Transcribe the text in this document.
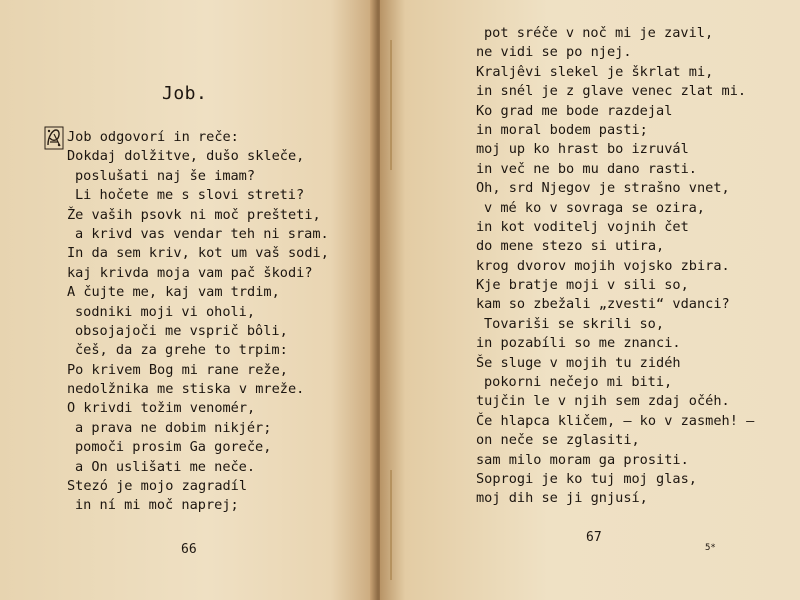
Job.
Job odgovorí in reče:
Dokdaj dolžitve, dušo skleče,
poslušati naj še imam?
Li hočete me s slovi streti?
Že vaših psovk ni moč prešteti,
a krivd vas vendar teh ni sram.
In da sem kriv, kot um vaš sodi,
kaj krivda moja vam pač škodi?
A čujte me, kaj vam trdim,
sodniki moji vi oholi,
obsojajoči me vsprič bôli,
češ, da za grehe to trpim:
Po krivem Bog mi rane reže,
nedolžnika me stiska v mreže.
O krivdi tožim venomér,
a prava ne dobim nikjér;
pomoči prosim Ga goreče,
a On uslišati me neče.
Stezó je mojo zagradíl
in ní mi moč naprej;
66
pot sréče v noč mi je zavil,
ne vidi se po njej.
Kraljêvi slekel je škrlat mi,
in snél je z glave venec zlat mi.
Ko grad me bode razdejal
in moral bodem pasti;
moj up ko hrast bo izruvál
in več ne bo mu dano rasti.
Oh, srd Njegov je strašno vnet,
v mé ko v sovraga se ozira,
in kot voditelj vojnih čet
do mene stezo si utira,
krog dvorov mojih vojsko zbira.
Kje bratje moji v sili so,
kam so zbežali „zvesti“ vdanci?
Tovariši se skrili so,
in pozabíli so me znanci.
Še sluge v mojih tu zidéh
pokorni nečejo mi biti,
tujčin le v njih sem zdaj očéh.
Če hlapca kličem, — ko v zasmeh! —
on neče se zglasiti,
sam milo moram ga prositi.
Soprogi je ko tuj moj glas,
moj dih se ji gnjusí,
67
5*
